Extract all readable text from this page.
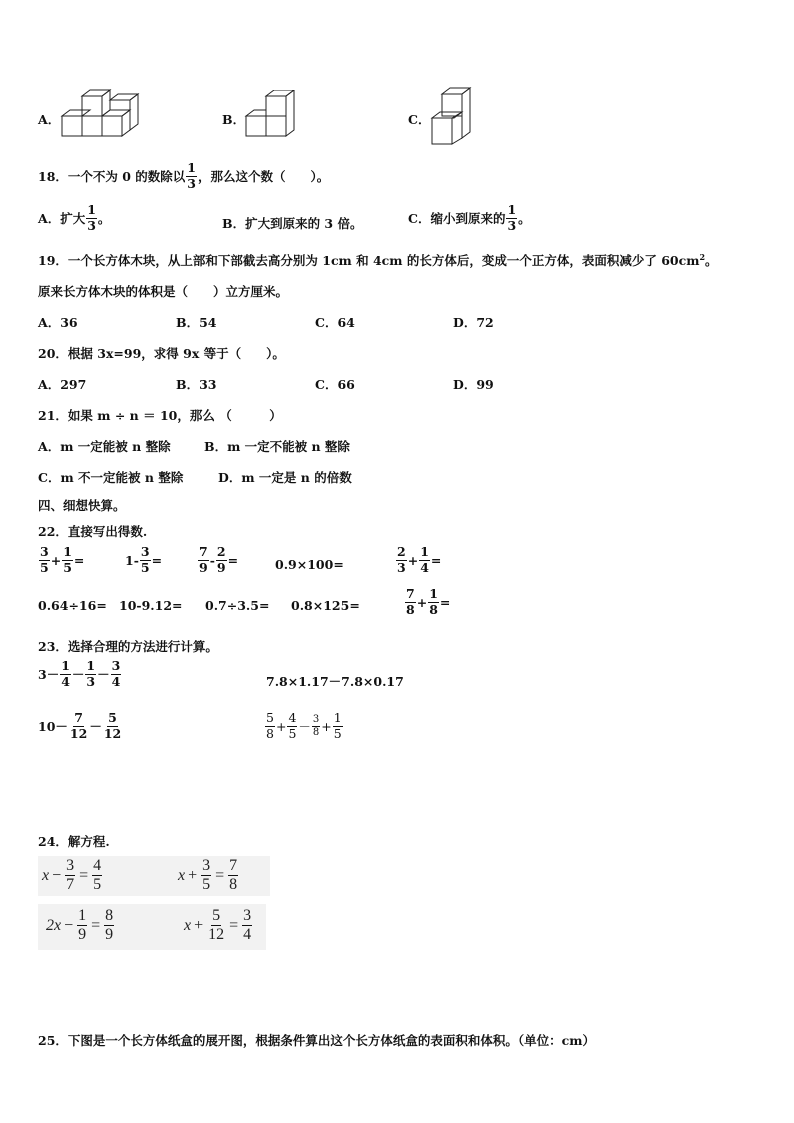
A．	B．	C．
18．一个不为 0 的数除以 $\frac{1}{3}$ ，那么这个数（　　）。
A．扩大 $\frac{1}{3}$ 。	B．扩大到原来的 3 倍。	C．缩小到原来的 $\frac{1}{3}$ 。
19．一个长方体木块，从上部和下部截去高分别为 1cm 和 4cm 的长方体后，变成一个正方体，表面积减少了 $60cm^2$。
原来长方体木块的体积是（　　）立方厘米。
A．36	B．54	C．64	D．72
20．根据 3x=99，求得 9x 等于（　　）。
A．297	B．33	C．66	D．99
21．如果 m ÷ n ＝ 10，那么 （　　　）
A．m 一定能被 n 整除	B．m 一定不能被 n 整除
C．m 不一定能被 n 整除	D．m 一定是 n 的倍数
四、细想快算。
22．直接写出得数.
$\frac{3}{5} + \frac{1}{5}$ =	$1- \frac{3}{5}$ =	$\frac{7}{9} - \frac{2}{9}$ =	0.9×100=	$\frac{2}{3} + \frac{1}{4}$ =
0.64÷16= 10-9.12= 0.7÷3.5= 0.8×125=	$\frac{7}{8} + \frac{1}{8}$ =
23．选择合理的方法进行计算。
$3- \frac{1}{4} - \frac{1}{3} - \frac{3}{4}$	7.8×1.17－7.8×0.17
$10- \frac{7}{12} - \frac{5}{12}$	$\frac{5}{8} + \frac{4}{5} - \frac{3}{8} + \frac{1}{5}$
24．解方程.
$x - \frac{3}{7} = \frac{4}{5}$	$x + \frac{3}{5} = \frac{7}{8}$
$2x - \frac{1}{9} = \frac{8}{9}$	$x + \frac{5}{12} = \frac{3}{4}$
25．下图是一个长方体纸盒的展开图，根据条件算出这个长方体纸盒的表面积和体积。（单位：cm）
